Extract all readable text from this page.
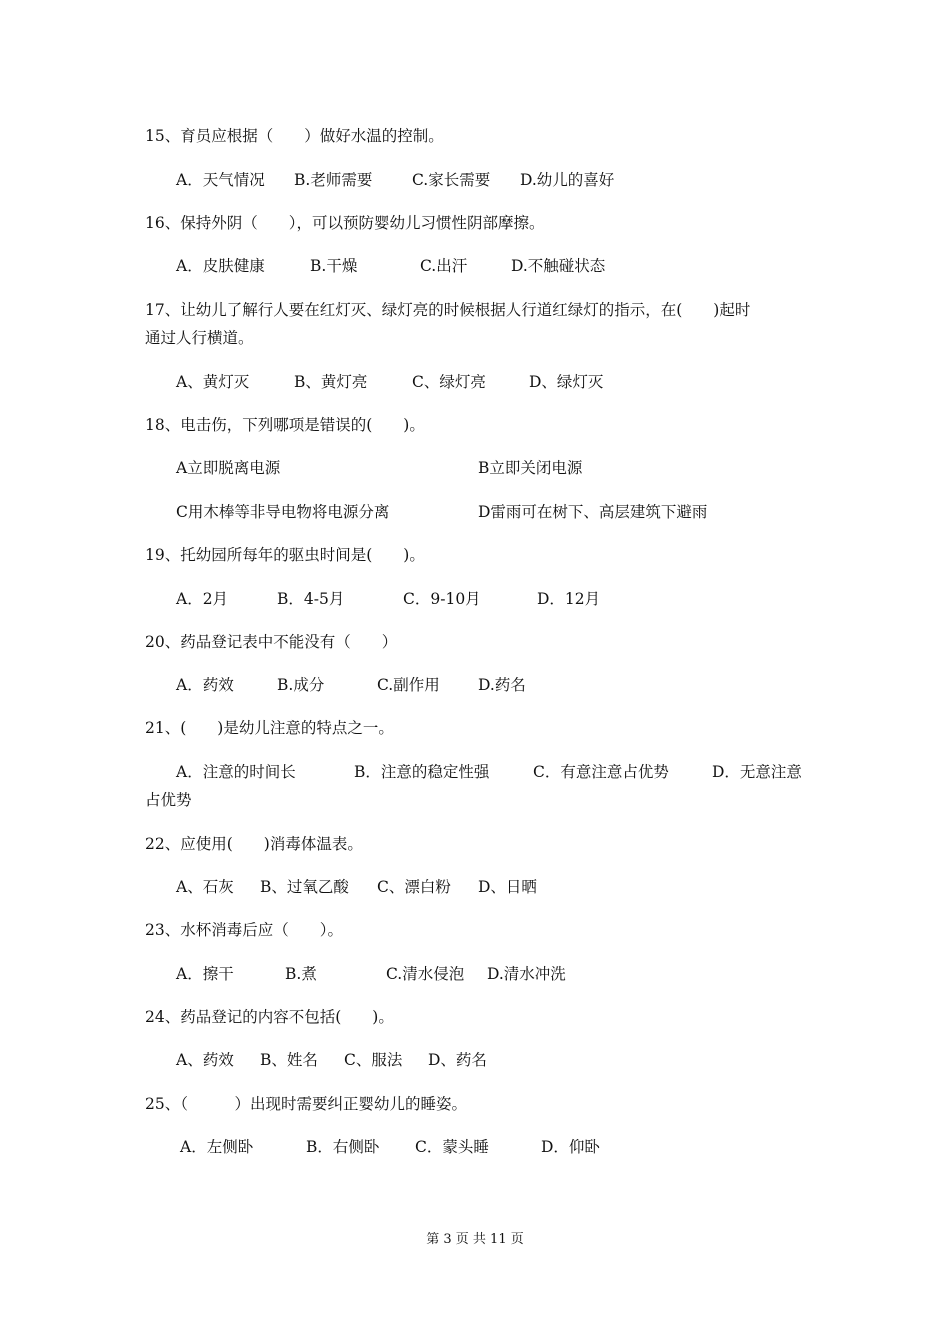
15、育员应根据（　　）做好水温的控制。
A．天气情况 B.老师需要	C.家长需要 D.幼儿的喜好
16、保持外阴（　　），可以预防婴幼儿习惯性阴部摩擦。
A．皮肤健康	B.干燥	C.出汗	D.不触碰状态
17、让幼儿了解行人要在红灯灭、绿灯亮的时候根据人行道红绿灯的指示，在(　　)起时
通过人行横道。
A、黄灯灭	B、黄灯亮	C、绿灯亮	D、绿灯灭
18、电击伤，下列哪项是错误的(　　)。
A立即脱离电源	B立即关闭电源
C用木棒等非导电物将电源分离	D雷雨可在树下、高层建筑下避雨
19、托幼园所每年的驱虫时间是(　　)。
A．2月	B．4-5月	C．9-10月	D．12月
20、药品登记表中不能没有（　　）
A．药效	B.成分	C.副作用 D.药名
21、(　　)是幼儿注意的特点之一。
A．注意的时间长	B．注意的稳定性强	C．有意注意占优势	D．无意注意
占优势
22、应使用(　　)消毒体温表。
A、石灰 B、过氧乙酸 C、漂白粉 D、日晒
23、水杯消毒后应（　　）。
A．擦干	B.煮	C.清水侵泡 D.清水冲洗
24、药品登记的内容不包括(　　)。
A、药效 B、姓名 C、服法 D、药名
25、（　　　）出现时需要纠正婴幼儿的睡姿。
A．左侧卧	B．右侧卧 C．蒙头睡	D．仰卧
第 3 页 共 11 页
